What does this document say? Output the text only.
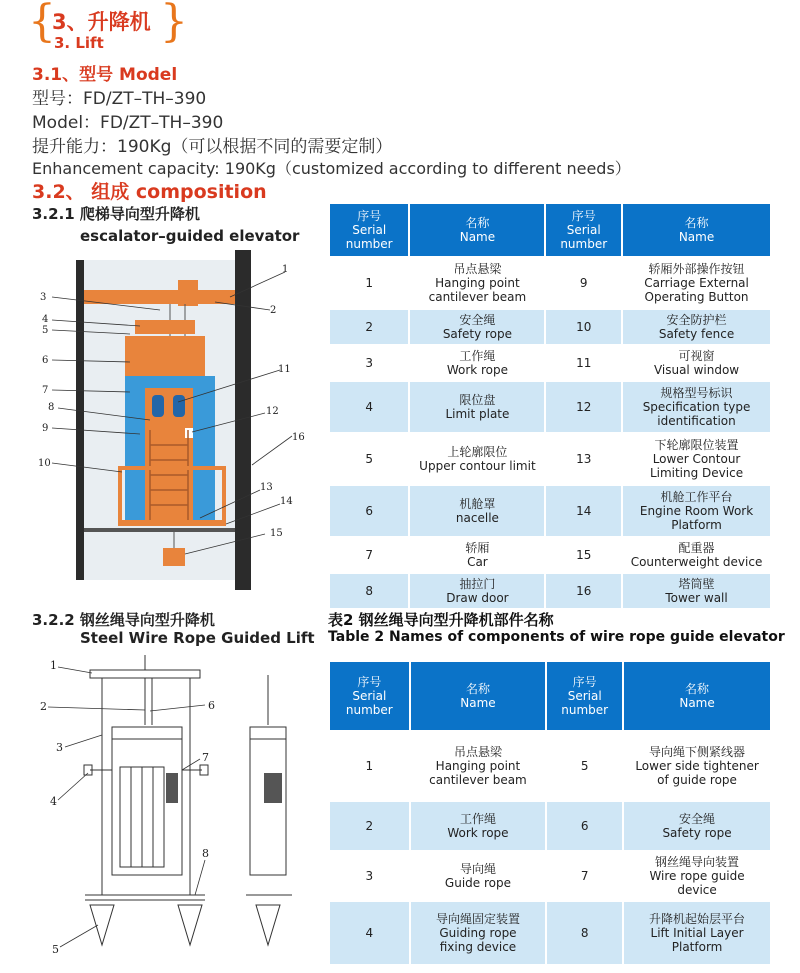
{ }
3、升降机
3. Lift
3.1、型号 Model
型号：FD/ZT–TH–390
Model：FD/ZT–TH–390
提升能力：190Kg（可以根据不同的需要定制）
Enhancement capacity: 190Kg（customized according to different needs）
3.2、 组成 composition
3.2.1 爬梯导向型升降机
escalator–guided elevator
1
2
3
4
5
6
7
8
9
10
11
12
13
14
15
16
序号
Serial
number	名称
Name	序号
Serial
number	名称
Name

1	吊点悬梁
Hanging point
cantilever beam	9	轿厢外部操作按钮
Carriage External
Operating Button

2	安全绳
Safety rope	10	安全防护栏
Safety fence

3	工作绳
Work rope	11	可视窗
Visual window

4	限位盘
Limit plate	12	规格型号标识
Specification type
identification

5	上轮廓限位
Upper contour limit	13	下轮廓限位装置
Lower Contour
Limiting Device

6	机舱罩
nacelle	14	机舱工作平台
Engine Room Work
Platform

7	轿厢
Car	15	配重器
Counterweight device

8	抽拉门
Draw door	16	塔筒壁
Tower wall
3.2.2 钢丝绳导向型升降机
Steel Wire Rope Guided Lift
表2 钢丝绳导向型升降机部件名称
Table 2 Names of components of wire rope guide elevator
1
2
3
4
5
6
7
8
序号
Serial
number	名称
Name	序号
Serial
number	名称
Name

1	吊点悬梁
Hanging point
cantilever beam	5	导向绳下侧紧线器
Lower side tightener
of guide rope

2	工作绳
Work rope	6	安全绳
Safety rope

3	导向绳
Guide rope	7	钢丝绳导向装置
Wire rope guide
device

4	导向绳固定装置
Guiding rope
fixing device	8	升降机起始层平台
Lift Initial Layer
Platform
